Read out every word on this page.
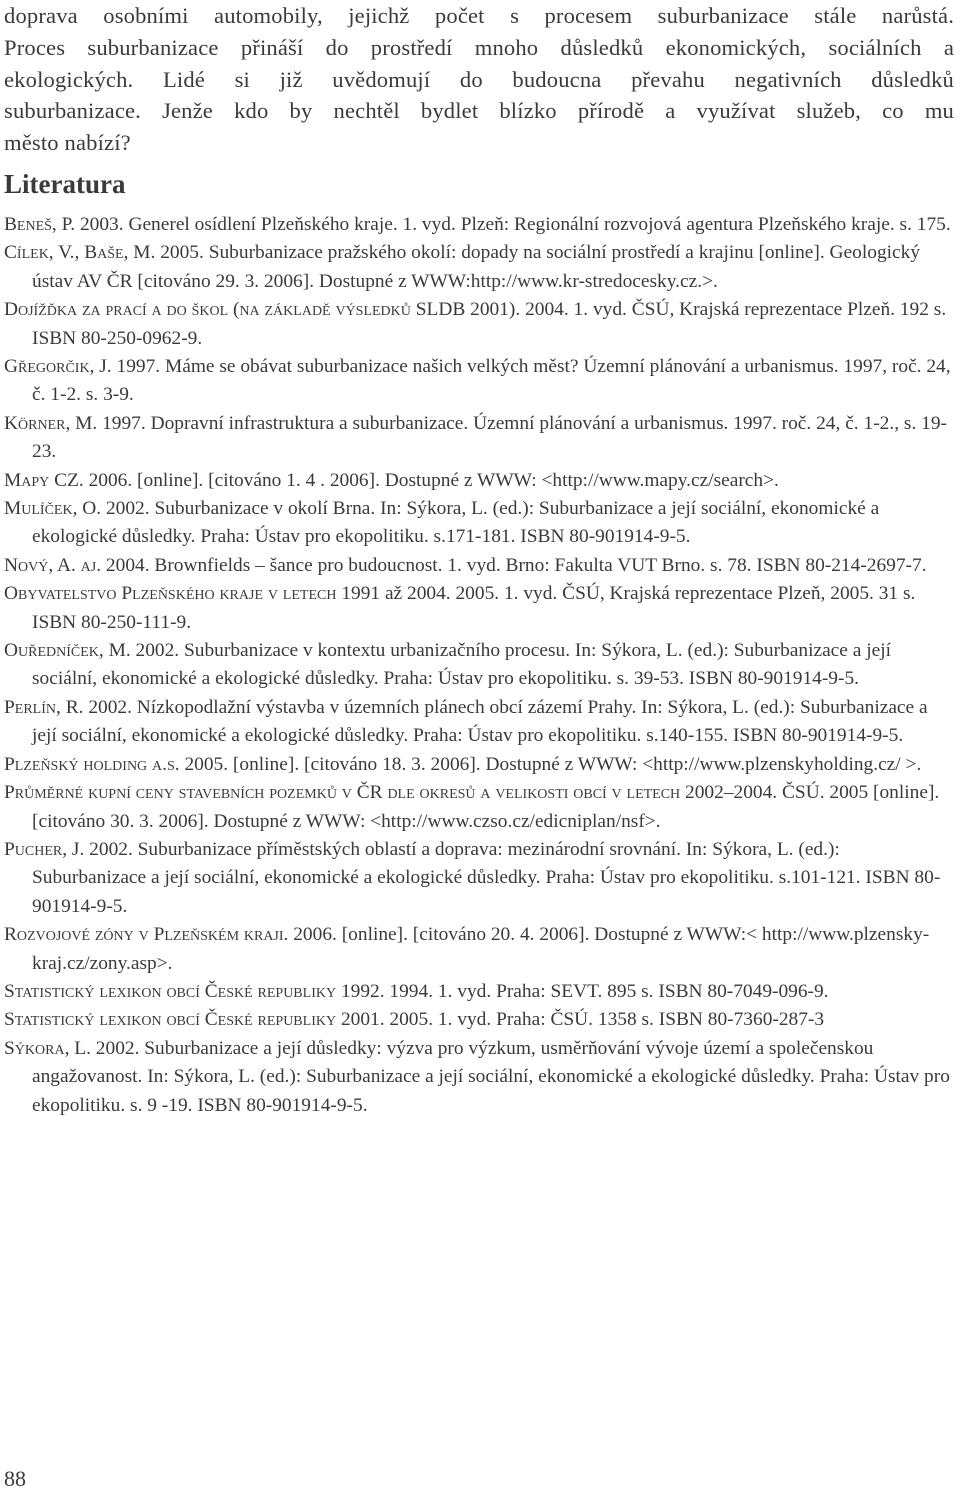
doprava osobními automobily, jejichž počet s procesem suburbanizace stále narůstá.

Proces suburbanizace přináší do prostředí mnoho důsledků ekonomických, sociálních a

ekologických. Lidé si již uvědomují do budoucna převahu negativních důsledků

suburbanizace. Jenže kdo by nechtěl bydlet blízko přírodě a využívat služeb, co mu

město nabízí?

Literatura

Beneš, P. 2003. Generel osídlení Plzeňského kraje. 1. vyd. Plzeň: Regionální rozvojová agentura Plzeňského kraje. s. 175.

Cílek, V., Baše, M. 2005. Suburbanizace pražského okolí: dopady na sociální prostředí a krajinu [online]. Geologický ústav AV ČR [citováno 29. 3. 2006]. Dostupné z WWW:http://www.kr-stredocesky.cz.>.

Dojížďka za prací a do škol (na základě výsledků SLDB 2001). 2004. 1. vyd. ČSÚ, Krajská reprezentace Plzeň. 192 s. ISBN 80-250-0962-9.

Gřegorčik, J. 1997. Máme se obávat suburbanizace našich velkých měst? Územní plánování a urbanismus. 1997, roč. 24, č. 1-2. s. 3-9.

Körner, M. 1997. Dopravní infrastruktura a suburbanizace. Územní plánování a urbanismus. 1997. roč. 24, č. 1-2., s. 19-23.

Mapy CZ. 2006. [online]. [citováno 1. 4 . 2006]. Dostupné z WWW: <http://www.mapy.cz/search>.

Mulíček, O. 2002. Suburbanizace v okolí Brna. In: Sýkora, L. (ed.): Suburbanizace a její sociální, ekonomické a ekologické důsledky. Praha: Ústav pro ekopolitiku. s.171-181. ISBN 80-901914-9-5.

Nový, A. aj. 2004. Brownfields – šance pro budoucnost. 1. vyd. Brno: Fakulta VUT Brno. s. 78. ISBN 80-214-2697-7.

Obyvatelstvo Plzeňského kraje v letech 1991 až 2004. 2005. 1. vyd. ČSÚ, Krajská reprezentace Plzeň, 2005. 31 s. ISBN 80-250-111-9.

Ouředníček, M. 2002. Suburbanizace v kontextu urbanizačního procesu. In: Sýkora, L. (ed.): Suburbanizace a její sociální, ekonomické a ekologické důsledky. Praha: Ústav pro ekopolitiku. s. 39-53. ISBN 80-901914-9-5.

Perlín, R. 2002. Nízkopodlažní výstavba v územních plánech obcí zázemí Prahy. In: Sýkora, L. (ed.): Suburbanizace a její sociální, ekonomické a ekologické důsledky. Praha: Ústav pro ekopolitiku. s.140-155. ISBN 80-901914-9-5.

Plzeňský holding a.s. 2005. [online]. [citováno 18. 3. 2006]. Dostupné z WWW: <http://www.plzenskyholding.cz/ >.

Průměrné kupní ceny stavebních pozemků v ČR dle okresů a velikosti obcí v letech 2002–2004. ČSÚ. 2005 [online]. [citováno 30. 3. 2006]. Dostupné z WWW: <http://www.czso.cz/edicniplan/nsf>.

Pucher, J. 2002. Suburbanizace příměstských oblastí a doprava: mezinárodní srovnání. In: Sýkora, L. (ed.): Suburbanizace a její sociální, ekonomické a ekologické důsledky. Praha: Ústav pro ekopolitiku. s.101-121. ISBN 80-901914-9-5.

Rozvojové zóny v Plzeňském kraji. 2006. [online]. [citováno 20. 4. 2006]. Dostupné z WWW:< http://www.plzensky-kraj.cz/zony.asp>.

Statistický lexikon obcí České republiky 1992. 1994. 1. vyd. Praha: SEVT. 895 s. ISBN 80-7049-096-9.

Statistický lexikon obcí České republiky 2001. 2005. 1. vyd. Praha: ČSÚ. 1358 s. ISBN 80-7360-287-3

Sýkora, L. 2002. Suburbanizace a její důsledky: výzva pro výzkum, usměrňování vývoje území a společenskou angažovanost. In: Sýkora, L. (ed.): Suburbanizace a její sociální, ekonomické a ekologické důsledky. Praha: Ústav pro ekopolitiku. s. 9 -19. ISBN 80-901914-9-5.

88
